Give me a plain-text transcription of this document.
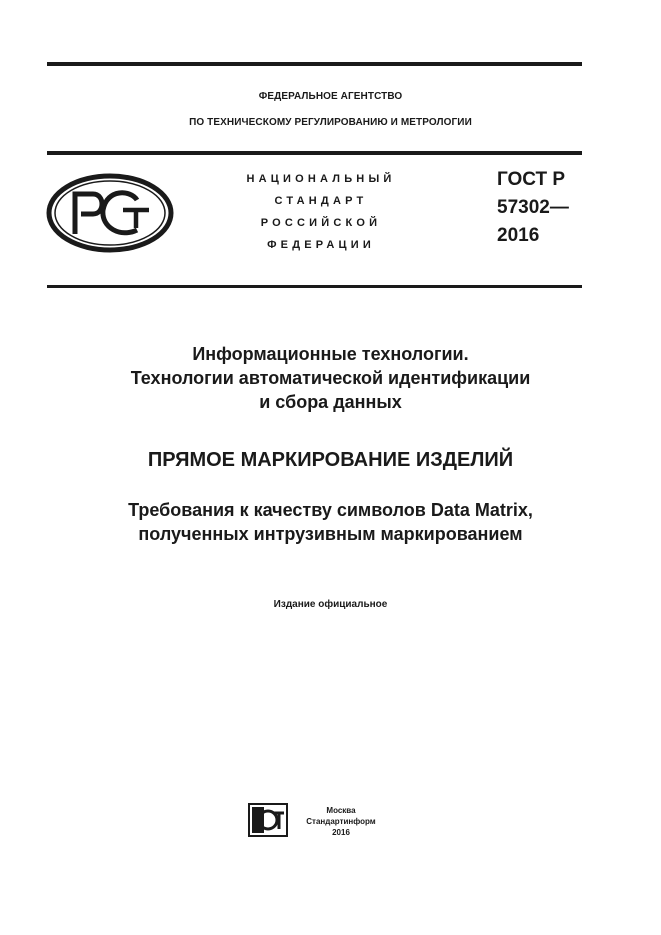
ФЕДЕРАЛЬНОЕ АГЕНТСТВО
ПО ТЕХНИЧЕСКОМУ РЕГУЛИРОВАНИЮ И МЕТРОЛОГИИ
НАЦИОНАЛЬНЫЙ
СТАНДАРТ
РОССИЙСКОЙ
ФЕДЕРАЦИИ
ГОСТ Р
57302—
2016
Информационные технологии.
Технологии автоматической идентификации
и сбора данных
ПРЯМОЕ МАРКИРОВАНИЕ ИЗДЕЛИЙ
Требования к качеству символов Data Matrix,
полученных интрузивным маркированием
Издание официальное
Москва
Стандартинформ
2016
